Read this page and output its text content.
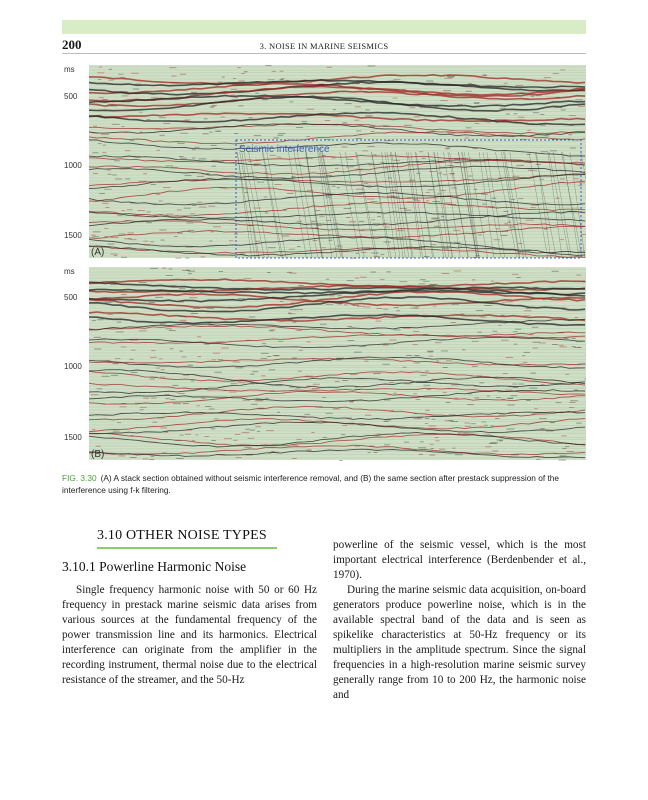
200	3. NOISE IN MARINE SEISMICS
ms
500
1000
1500
Seismic interference
(A)
ms
500
1000
1500
(B)
FIG. 3.30 (A) A stack section obtained without seismic interference removal, and (B) the same section after prestack suppression of the interference using f-k filtering.
3.10 OTHER NOISE TYPES
3.10.1 Powerline Harmonic Noise

Single frequency harmonic noise with 50 or 60 Hz frequency in prestack marine seismic data arises from various sources at the fundamental frequency of the power transmission line and its harmonics. Electrical interference can originate from the amplifier in the recording instrument, thermal noise due to the electrical resistance of the streamer, and the 50-Hz

powerline of the seismic vessel, which is the most important electrical interference (Berdenbender et al., 1970).

During the marine seismic data acquisition, on-board generators produce powerline noise, which is in the available spectral band of the data and is seen as spikelike characteristics at 50-Hz frequency or its multipliers in the amplitude spectrum. Since the signal frequencies in a high-resolution marine seismic survey generally range from 10 to 200 Hz, the harmonic noise and
